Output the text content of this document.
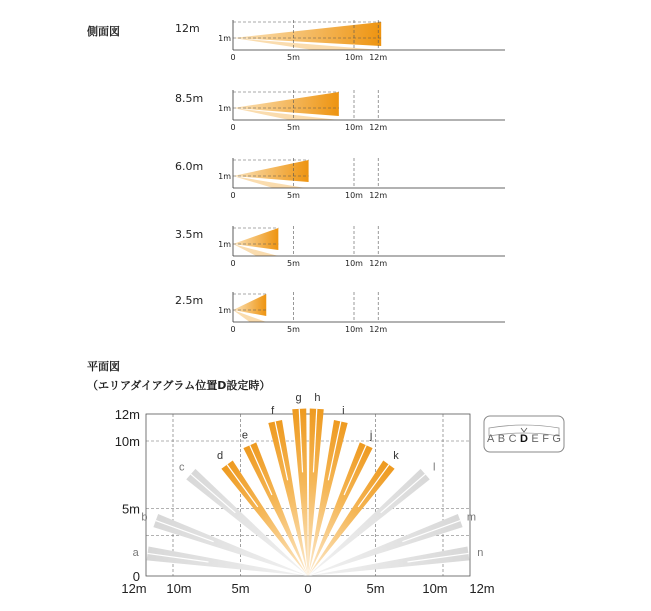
側面図	12m
1m
0	5m	10m 12m
8.5m
1m
0	5m	10m 12m
6.0m
1m
0	5m	10m 12m
3.5m
1m
0	5m	10m 12m
2.5m
1m
0	5m	10m 12m
平面図
（エリアダイアグラム位置D設定時）
a
b
c
d
e
f
g h
i
j
k
l
m
n
12m
10m
5m
0
12m 10m	5m	0	5m	10m 12m
A B C D E F G
